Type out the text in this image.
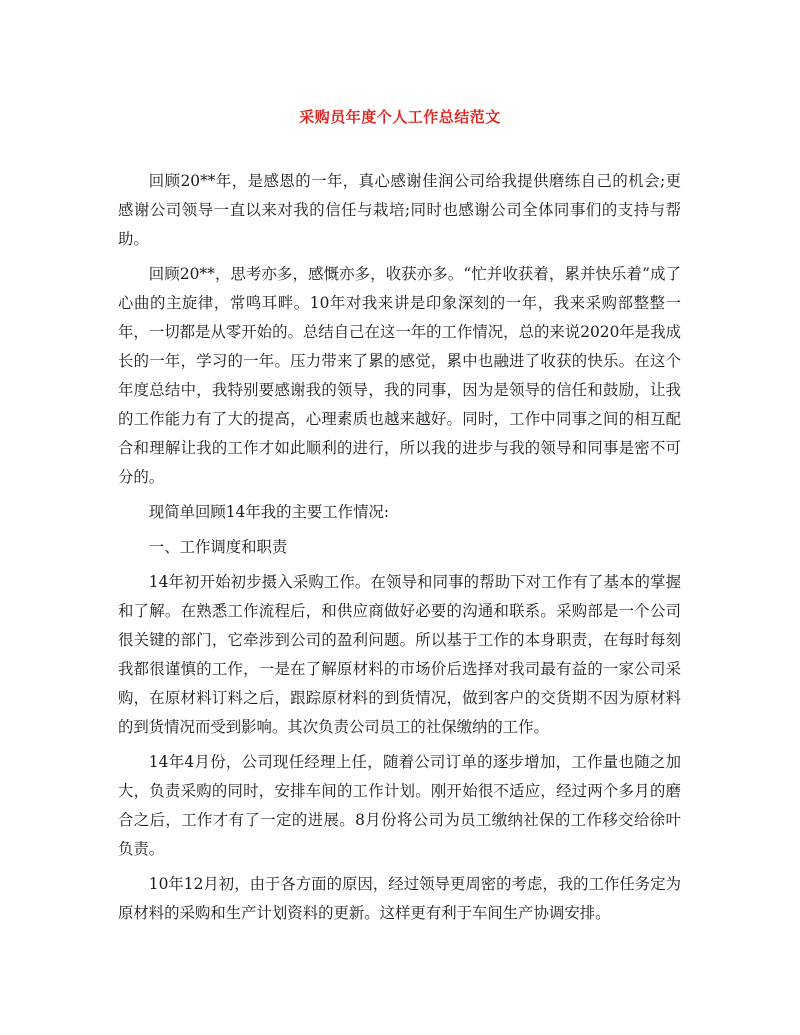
采购员年度个人工作总结范文

回顾20**年，是感恩的一年，真心感谢佳润公司给我提供磨练自己的机会;更感谢公司领导一直以来对我的信任与栽培;同时也感谢公司全体同事们的支持与帮助。

回顾20**，思考亦多，感慨亦多，收获亦多。“忙并收获着，累并快乐着”成了心曲的主旋律，常鸣耳畔。10年对我来讲是印象深刻的一年，我来采购部整整一年，一切都是从零开始的。总结自己在这一年的工作情况，总的来说2020年是我成长的一年，学习的一年。压力带来了累的感觉，累中也融进了收获的快乐。在这个年度总结中，我特别要感谢我的领导，我的同事，因为是领导的信任和鼓励，让我的工作能力有了大的提高，心理素质也越来越好。同时，工作中同事之间的相互配合和理解让我的工作才如此顺利的进行，所以我的进步与我的领导和同事是密不可分的。

现简单回顾14年我的主要工作情况:

一、工作调度和职责

14年初开始初步摄入采购工作。在领导和同事的帮助下对工作有了基本的掌握和了解。在熟悉工作流程后，和供应商做好必要的沟通和联系。采购部是一个公司很关键的部门，它牵涉到公司的盈利问题。所以基于工作的本身职责，在每时每刻我都很谨慎的工作，一是在了解原材料的市场价后选择对我司最有益的一家公司采购，在原材料订料之后，跟踪原材料的到货情况，做到客户的交货期不因为原材料的到货情况而受到影响。其次负责公司员工的社保缴纳的工作。

14年4月份，公司现任经理上任，随着公司订单的逐步增加，工作量也随之加大，负责采购的同时，安排车间的工作计划。刚开始很不适应，经过两个多月的磨合之后，工作才有了一定的进展。8月份将公司为员工缴纳社保的工作移交给徐叶负责。

10年12月初，由于各方面的原因，经过领导更周密的考虑，我的工作任务定为原材料的采购和生产计划资料的更新。这样更有利于车间生产协调安排。
